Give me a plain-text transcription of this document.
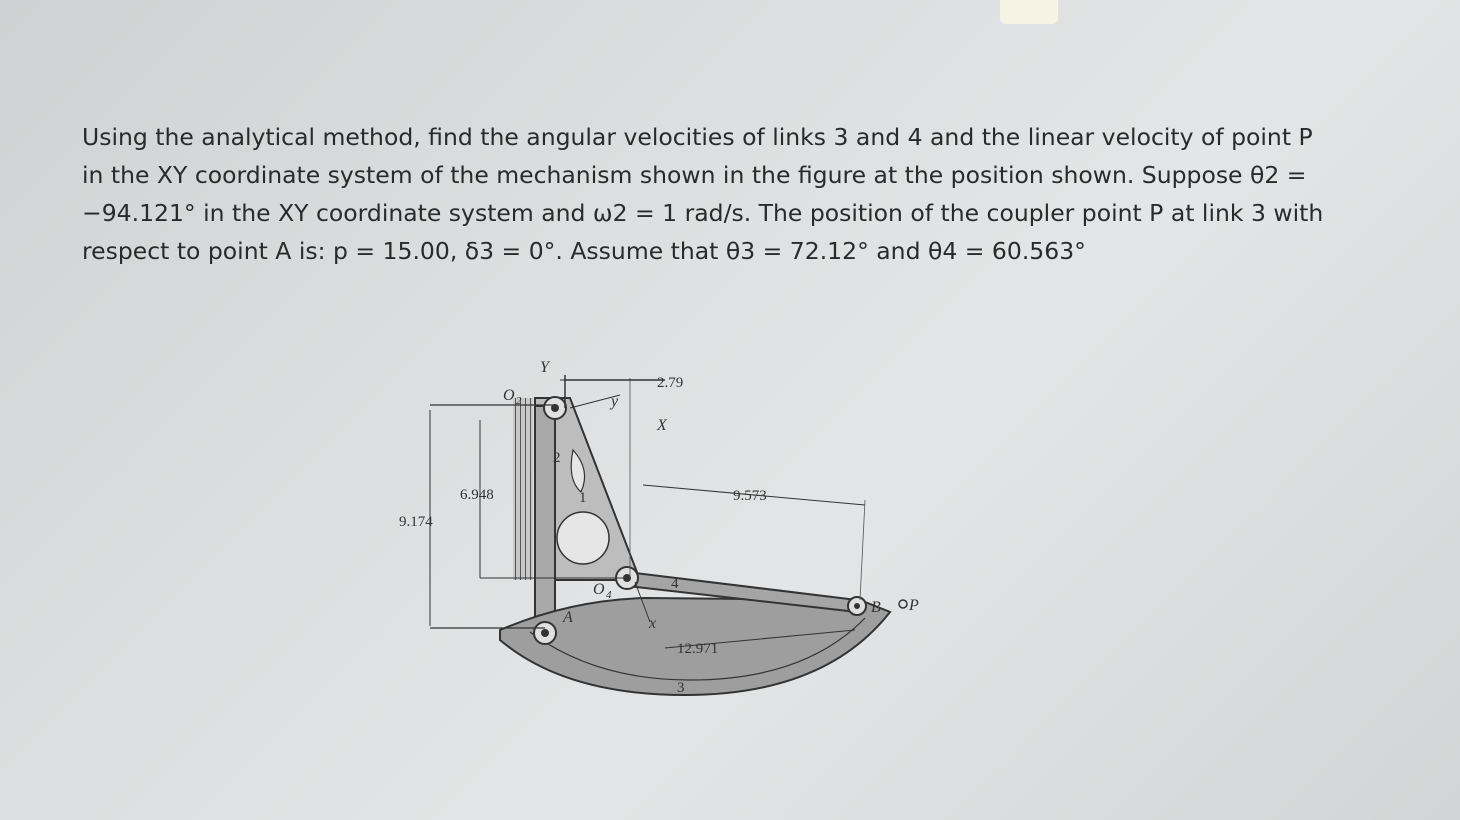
Using the analytical method, find the angular velocities of links 3 and 4 and the linear velocity of point P
in the XY coordinate system of the mechanism shown in the figure at the position shown. Suppose θ2 =
−94.121° in the XY coordinate system and ω2 = 1 rad/s. The position of the coupler point P at link 3 with
respect to point A is: p = 15.00, δ3 = 0°. Assume that θ3 = 72.12° and θ4 = 60.563°
2.79
6.948
9.174
9.573
12.971
Y
X
y
x
O 2
O 4
A
B P
1
2
3
4
